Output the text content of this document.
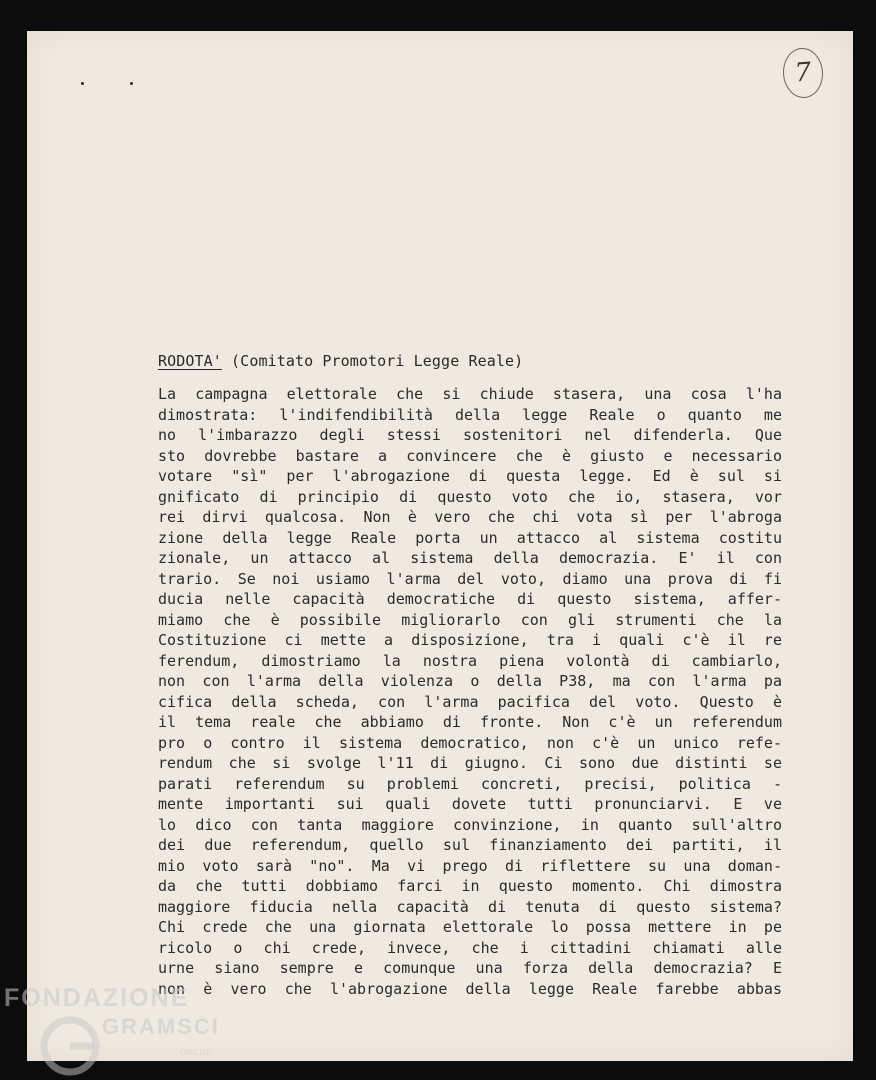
7
RODOTA' (Comitato Promotori Legge Reale)
La campagna elettorale che si chiude stasera, una cosa l'ha
dimostrata: l'indifendibilità della legge Reale o quanto me
no l'imbarazzo degli stessi sostenitori nel difenderla. Que
sto dovrebbe bastare a convincere che è giusto e necessario
votare "sì" per l'abrogazione di questa legge. Ed è sul si
gnificato di principio di questo voto che io, stasera, vor
rei dirvi qualcosa. Non è vero che chi vota sì per l'abroga
zione della legge Reale porta un attacco al sistema costitu
zionale, un attacco al sistema della democrazia. E' il con
trario. Se noi usiamo l'arma del voto, diamo una prova di fi
ducia nelle capacità democratiche di questo sistema, affer-
miamo che è possibile migliorarlo con gli strumenti che la
Costituzione ci mette a disposizione, tra i quali c'è il re
ferendum, dimostriamo la nostra piena volontà di cambiarlo,
non con l'arma della violenza o della P38, ma con l'arma pa
cifica della scheda, con l'arma pacifica del voto. Questo è
il tema reale che abbiamo di fronte. Non c'è un referendum
pro o contro il sistema democratico, non c'è un unico refe-
rendum che si svolge l'11 di giugno. Ci sono due distinti se
parati referendum su problemi concreti, precisi, politica -
mente importanti sui quali dovete tutti pronunciarvi. E ve
lo dico con tanta maggiore convinzione, in quanto sull'altro
dei due referendum, quello sul finanziamento dei partiti, il
mio voto sarà "no". Ma vi prego di riflettere su una doman-
da che tutti dobbiamo farci in questo momento. Chi dimostra
maggiore fiducia nella capacità di tenuta di questo sistema?
Chi crede che una giornata elettorale lo possa mettere in pe
ricolo o chi crede, invece, che i cittadini chiamati alle
urne siano sempre e comunque una forza della democrazia? E
non è vero che l'abrogazione della legge Reale farebbe abbas
FONDAZIONE
GRAMSCI
ONLUS
